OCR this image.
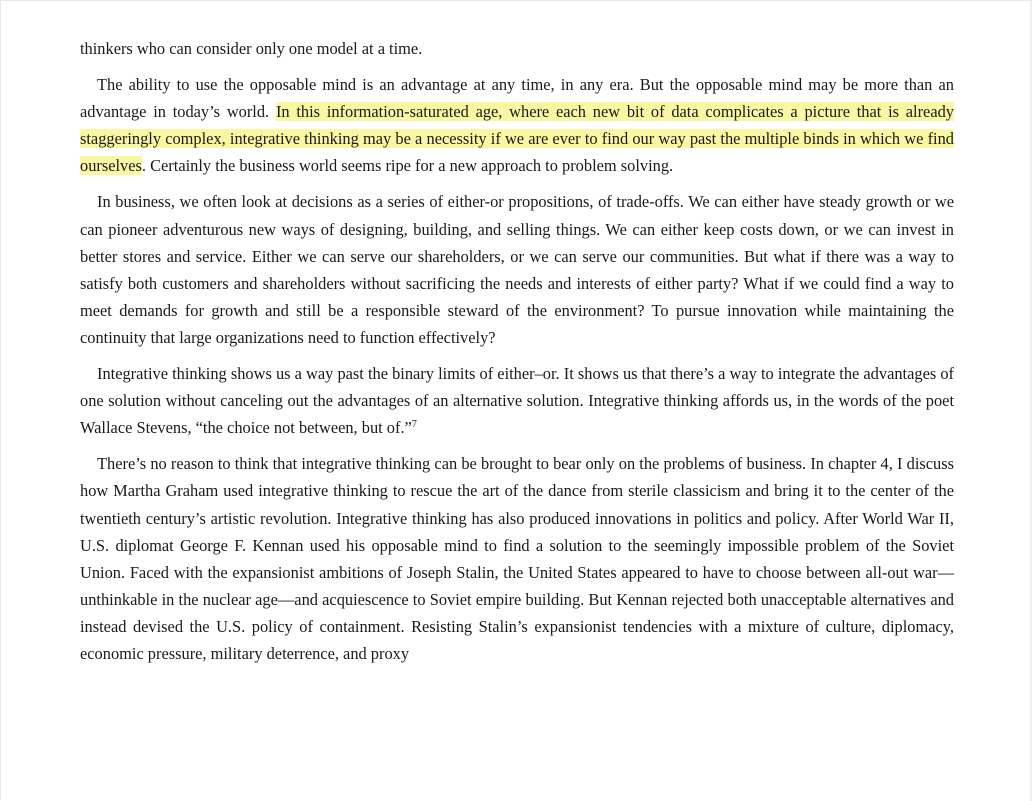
thinkers who can consider only one model at a time.

The ability to use the opposable mind is an advantage at any time, in any era. But the opposable mind may be more than an advantage in today’s world. In this information-saturated age, where each new bit of data complicates a picture that is already staggeringly complex, integrative thinking may be a necessity if we are ever to find our way past the multiple binds in which we find ourselves. Certainly the business world seems ripe for a new approach to problem solving.

In business, we often look at decisions as a series of either-or propositions, of trade-offs. We can either have steady growth or we can pioneer adventurous new ways of designing, building, and selling things. We can either keep costs down, or we can invest in better stores and service. Either we can serve our shareholders, or we can serve our communities. But what if there was a way to satisfy both customers and shareholders without sacrificing the needs and interests of either party? What if we could find a way to meet demands for growth and still be a responsible steward of the environment? To pursue innovation while maintaining the continuity that large organizations need to function effectively?

Integrative thinking shows us a way past the binary limits of either–or. It shows us that there’s a way to integrate the advantages of one solution without canceling out the advantages of an alternative solution. Integrative thinking affords us, in the words of the poet Wallace Stevens, “the choice not between, but of.”$^7$

There’s no reason to think that integrative thinking can be brought to bear only on the problems of business. In chapter 4, I discuss how Martha Graham used integrative thinking to rescue the art of the dance from sterile classicism and bring it to the center of the twentieth century’s artistic revolution. Integrative thinking has also produced innovations in politics and policy. After World War II, U.S. diplomat George F. Kennan used his opposable mind to find a solution to the seemingly impossible problem of the Soviet Union. Faced with the expansionist ambitions of Joseph Stalin, the United States appeared to have to choose between all-out war—unthinkable in the nuclear age—and acquiescence to Soviet empire building. But Kennan rejected both unacceptable alternatives and instead devised the U.S. policy of containment. Resisting Stalin’s expansionist tendencies with a mixture of culture, diplomacy, economic pressure, military deterrence, and proxy
